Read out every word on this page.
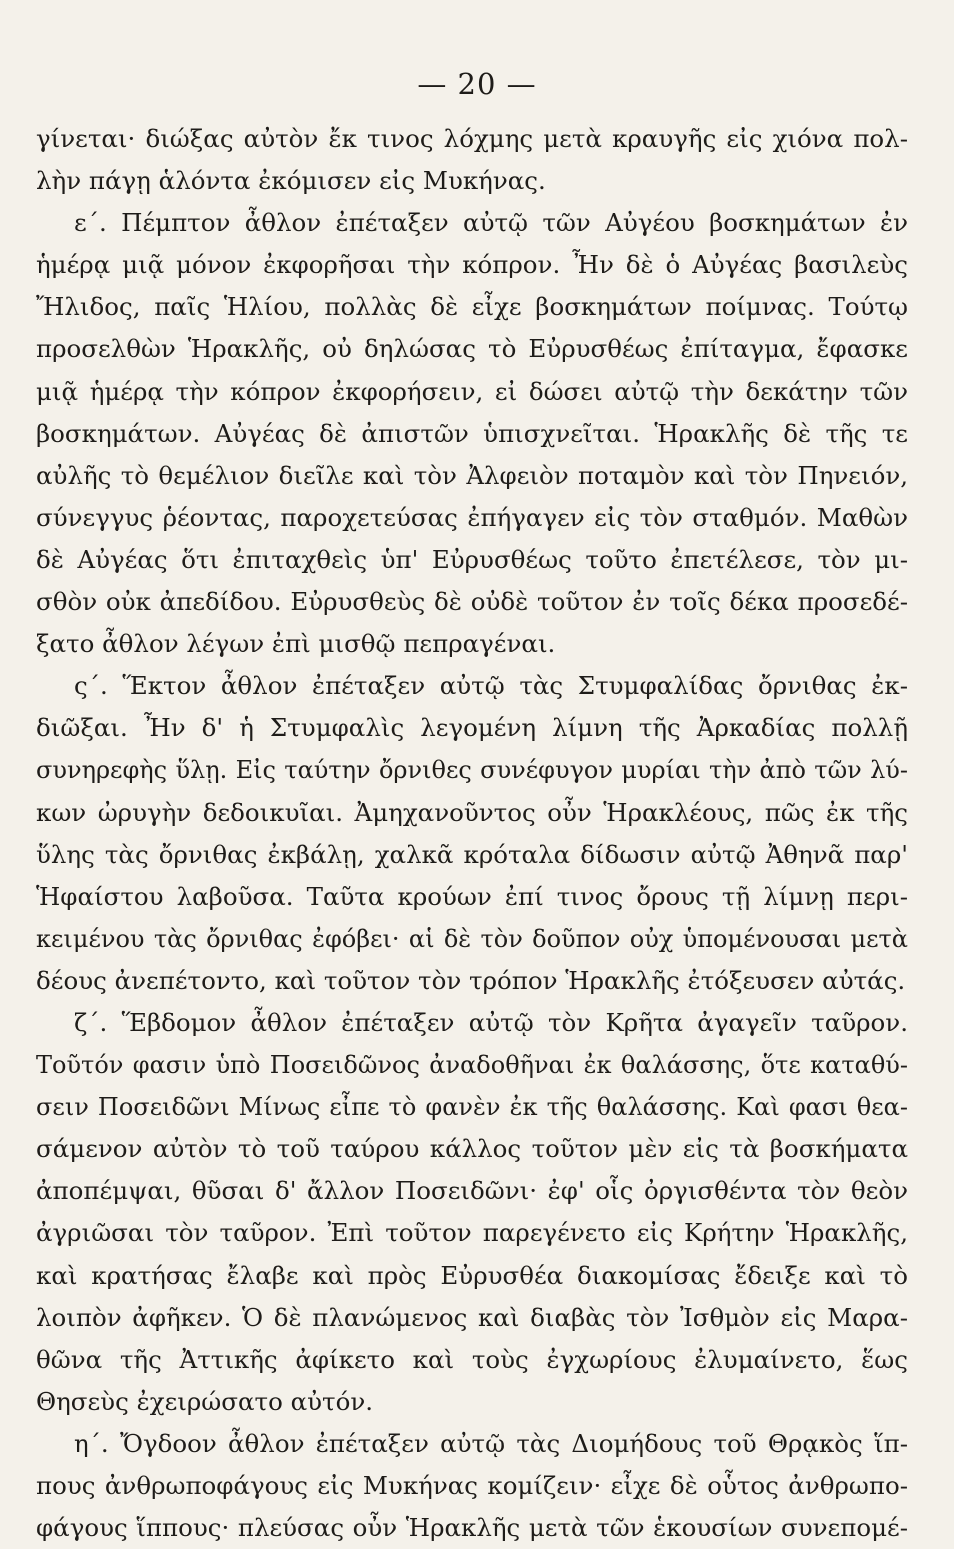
— 20 —
γίνεται· διώξας αὐτὸν ἔκ τινος λόχμης μετὰ κραυγῆς εἰς χιόνα πολ-
λὴν πάγῃ ἁλόντα ἐκόμισεν εἰς Μυκήνας.
ε΄. Πέμπτον ἆθλον ἐπέταξεν αὐτῷ τῶν Αὐγέου βοσκημάτων ἐν
ἡμέρᾳ μιᾷ μόνον ἐκφορῆσαι τὴν κόπρον. Ἦν δὲ ὁ Αὐγέας βασιλεὺς
Ἤλιδος, παῖς Ἡλίου, πολλὰς δὲ εἶχε βοσκημάτων ποίμνας. Τούτῳ
προσελθὼν Ἡρακλῆς, οὐ δηλώσας τὸ Εὐρυσθέως ἐπίταγμα, ἔφασκε
μιᾷ ἡμέρᾳ τὴν κόπρον ἐκφορήσειν, εἰ δώσει αὐτῷ τὴν δεκάτην τῶν
βοσκημάτων. Αὐγέας δὲ ἀπιστῶν ὑπισχνεῖται. Ἡρακλῆς δὲ τῆς τε
αὐλῆς τὸ θεμέλιον διεῖλε καὶ τὸν Ἀλφειὸν ποταμὸν καὶ τὸν Πηνειόν,
σύνεγγυς ῥέοντας, παροχετεύσας ἐπήγαγεν εἰς τὸν σταθμόν. Μαθὼν
δὲ Αὐγέας ὅτι ἐπιταχθεὶς ὑπ' Εὐρυσθέως τοῦτο ἐπετέλεσε, τὸν μι-
σθὸν οὐκ ἀπεδίδου. Εὐρυσθεὺς δὲ οὐδὲ τοῦτον ἐν τοῖς δέκα προσεδέ-
ξατο ἆθλον λέγων ἐπὶ μισθῷ πεπραγέναι.
ς΄. Ἕκτον ἆθλον ἐπέταξεν αὐτῷ τὰς Στυμφαλίδας ὄρνιθας ἐκ-
διῶξαι. Ἦν δ' ἡ Στυμφαλὶς λεγομένη λίμνη τῆς Ἀρκαδίας πολλῇ
συνηρεφὴς ὕλῃ. Εἰς ταύτην ὄρνιθες συνέφυγον μυρίαι τὴν ἀπὸ τῶν λύ-
κων ὠρυγὴν δεδοικυῖαι. Ἀμηχανοῦντος οὖν Ἡρακλέους, πῶς ἐκ τῆς
ὕλης τὰς ὄρνιθας ἐκβάλῃ, χαλκᾶ κρόταλα δίδωσιν αὐτῷ Ἀθηνᾶ παρ'
Ἡφαίστου λαβοῦσα. Ταῦτα κρούων ἐπί τινος ὄρους τῇ λίμνῃ περι-
κειμένου τὰς ὄρνιθας ἐφόβει· αἱ δὲ τὸν δοῦπον οὐχ ὑπομένουσαι μετὰ
δέους ἀνεπέτοντο, καὶ τοῦτον τὸν τρόπον Ἡρακλῆς ἐτόξευσεν αὐτάς.
ζ΄. Ἕβδομον ἆθλον ἐπέταξεν αὐτῷ τὸν Κρῆτα ἀγαγεῖν ταῦρον.
Τοῦτόν φασιν ὑπὸ Ποσειδῶνος ἀναδοθῆναι ἐκ θαλάσσης, ὅτε καταθύ-
σειν Ποσειδῶνι Μίνως εἶπε τὸ φανὲν ἐκ τῆς θαλάσσης. Καὶ φασι θεα-
σάμενον αὐτὸν τὸ τοῦ ταύρου κάλλος τοῦτον μὲν εἰς τὰ βοσκήματα
ἀποπέμψαι, θῦσαι δ' ἄλλον Ποσειδῶνι· ἐφ' οἷς ὀργισθέντα τὸν θεὸν
ἀγριῶσαι τὸν ταῦρον. Ἐπὶ τοῦτον παρεγένετο εἰς Κρήτην Ἡρακλῆς,
καὶ κρατήσας ἔλαβε καὶ πρὸς Εὐρυσθέα διακομίσας ἔδειξε καὶ τὸ
λοιπὸν ἀφῆκεν. Ὁ δὲ πλανώμενος καὶ διαβὰς τὸν Ἰσθμὸν εἰς Μαρα-
θῶνα τῆς Ἀττικῆς ἀφίκετο καὶ τοὺς ἐγχωρίους ἐλυμαίνετο, ἕως
Θησεὺς ἐχειρώσατο αὐτόν.
η΄. Ὄγδοον ἆθλον ἐπέταξεν αὐτῷ τὰς Διομήδους τοῦ Θρᾳκὸς ἵπ-
πους ἀνθρωποφάγους εἰς Μυκήνας κομίζειν· εἶχε δὲ οὗτος ἀνθρωπο-
φάγους ἵππους· πλεύσας οὖν Ἡρακλῆς μετὰ τῶν ἑκουσίων συνεπομέ-
